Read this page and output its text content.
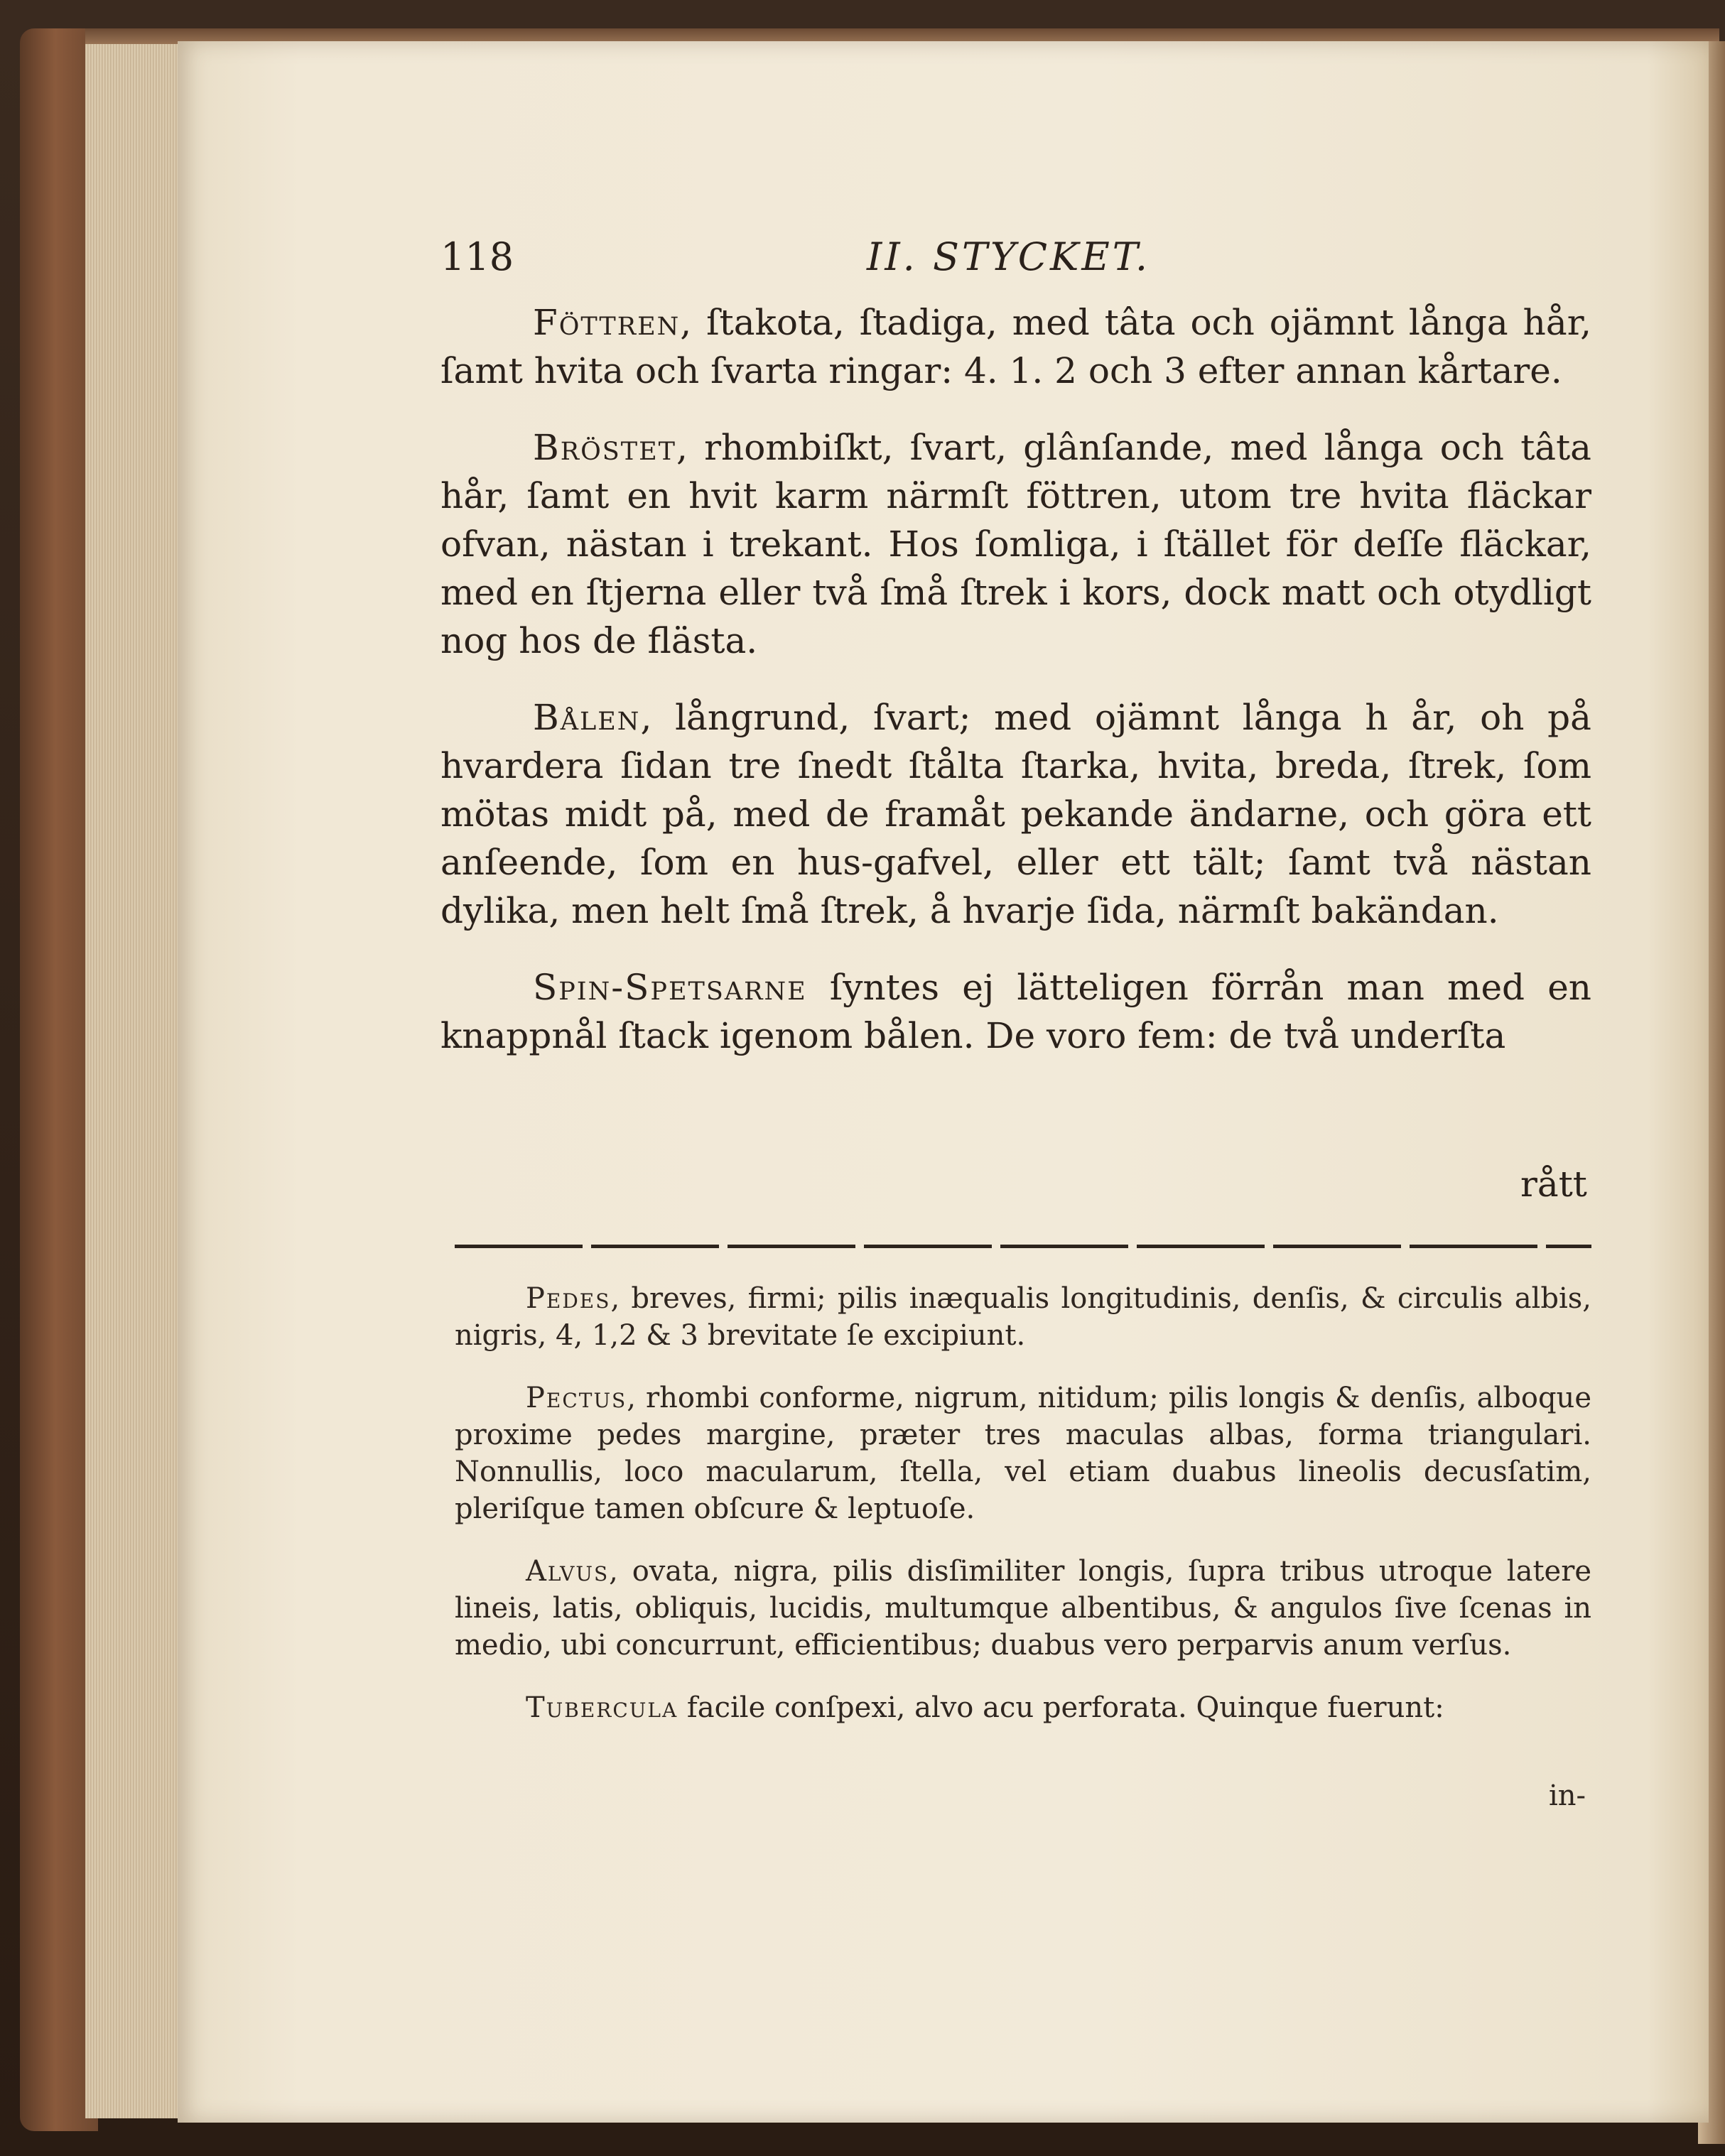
118	II. STYCKET.

Föttren, ſtakota, ſtadiga, med tâta och ojämnt långa hår, ſamt hvita och ſvarta ringar: 4. 1. 2 och 3 efter annan kårtare.

Bröstet, rhombiſkt, ſvart, glânſande, med långa och tâta hår, ſamt en hvit karm närmſt föttren, utom tre hvita fläckar ofvan, nästan i trekant. Hos ſomliga, i ſtället för deſſe fläckar, med en ſtjerna eller två ſmå ſtrek i kors, dock matt och otydligt nog hos de flästa.

Bålen, långrund, ſvart; med ojämnt långa h år, oh på hvardera ſidan tre ſnedt ſtålta ſtarka, hvita, breda, ſtrek, ſom mötas midt på, med de framåt pekande ändarne, och göra ett anſeende, ſom en hus-gafvel, eller ett tält; ſamt två nästan dylika, men helt ſmå ſtrek, å hvarje ſida, närmſt bakändan.

Spin-Spetsarne ſyntes ej lätteligen förrån man med en knappnål ſtack igenom bålen. De voro fem: de två underſta

rått

Pedes, breves, firmi; pilis inæqualis longitudinis, denſis, & circulis albis, nigris, 4, 1,2 & 3 brevitate ſe excipiunt.

Pectus, rhombi conforme, nigrum, nitidum; pilis longis & denſis, alboque proxime pedes margine, præter tres maculas albas, forma triangulari. Nonnullis, loco macularum, ſtella, vel etiam duabus lineolis decusſatim, pleriſque tamen obſcure & leptuoſe.

Alvus, ovata, nigra, pilis disſimiliter longis, ſupra tribus utroque latere lineis, latis, obliquis, lucidis, multumque albentibus, & angulos ſive ſcenas in medio, ubi concurrunt, efficientibus; duabus vero perparvis anum verſus.

Tubercula facile conſpexi, alvo acu perforata. Quinque fuerunt:

in-
